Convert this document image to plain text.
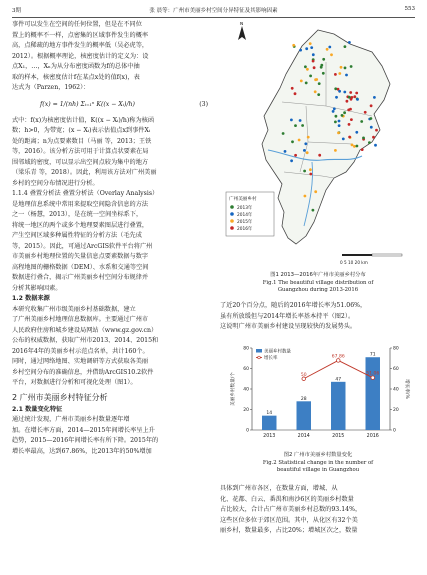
3期	张 晨等：广州市美丽乡村空间分异特征及其影响因素	553
事件可以发生在空间的任何位置，但是在不同位
置上的概率不一样，点密集的区域事件发生的概率
高，点稀疏的地方事件发生的概率低（吴必虎等，
2012）。根据概率理论，核密度估计的定义为：设
点X₁，…，Xₙ为从分布密度函数为f的总体中抽
取的样本，核密度估计f在某点x处的值f(x)，表
达式为（Parzen，1962）：
f(x) = 1/(nh) Σᵢ₌₁ⁿ K((x − Xᵢ)/h)	(3)
式中：f(x)为核密度估计值，K((x − Xᵢ)/h)称为核函
数；h>0，为带宽；(x − Xᵢ)表示估值点x到事件Xᵢ
处的距离；n为点要素数目（马丽 等，2013；王铁
等，2016）。该分析方法可用于计算点状要素在局
围邻域的密度，可以显示出空间点较为集中的地方
（梁乐青 等，2018）。因此，利用该方法对广州美丽
乡村的空间分布情况进行分析。
1.1.4 叠置分析法 叠置分析法（Overlay Analysis）
是地理信息系统中常用来提取空间隐含信息的方法
之一（杨慧，2013），是在统一空间坐标系下，
将统一地区的两个或多个地理要素图层进行叠置，
产生空间区域多种属性特征的分析方法（毛先成
等，2015）。因此，可通过ArcGIS软件平台将广州
市美丽乡村地理位置的矢量信息点要素数据与数字
高程地图的栅格数据（DEM）、水系和交通等空间
数据进行叠合，揭示广州美丽乡村空间分布规律并
分析其影响因素。
1.2 数据来源
本研究收集广州市级美丽乡村基础数据，建立
了广州美丽乡村地理信息数据库。主要通过广州市
人民政府住房和城乡建设局网站（www.gz.gov.cn）
公布的权威数据，获取广州市2013、2014、2015和
2016年4年的美丽乡村示范点名单，共计160个。
同时，通过网络地图、实地调研等方式获取各美丽
乡村空间分布的准确信息，并借助ArcGIS10.2软件
平台，对数据进行分析和可视化处理（图1）。
2 广州市美丽乡村特征分析
2.1 数量变化特征
通过统计发现，广州市美丽乡村数量逐年增
加。在增长率方面，2014—2015年间增长率呈上升
趋势，2015—2016年间增长率有所下降。2015年的
增长率最高，达到67.86%，比2013年的50%增加
N
广州美丽乡村
2013年
2014年
2015年
2016年
0 5 10 20 km
图1 2013—2016年广州市美丽乡村分布
Fig.1 The beautiful village distribution of
Guangzhou during 2013-2016
了近20个百分点，随后的2016年增长率为51.06%，
虽有所放缓但与2014年增长率基本持平（图2）。
这说明广州市美丽乡村建设呈现较快的发展势头。
0
20
40
60
80
0
20
40
60
80
美丽乡村数量/个	增长率/%
14
2013
28
2014
47
2015
71
2016
50
67.86
51.06
美丽乡村数量
增长率
图2 广州市美丽乡村数量变化
Fig.2 Statistical change in the number of
beautiful village in Guangzhou
具体到广州市各区，在数量方面，增城、从
化、花都、白云、番禺和南沙6区的美丽乡村数量
占比较大，合计占广州市美丽乡村总数的93.14%，
这些区位多位于郊区范围。其中，从化区有32个美
丽乡村，数量最多，占比20%；增城区次之，数量
